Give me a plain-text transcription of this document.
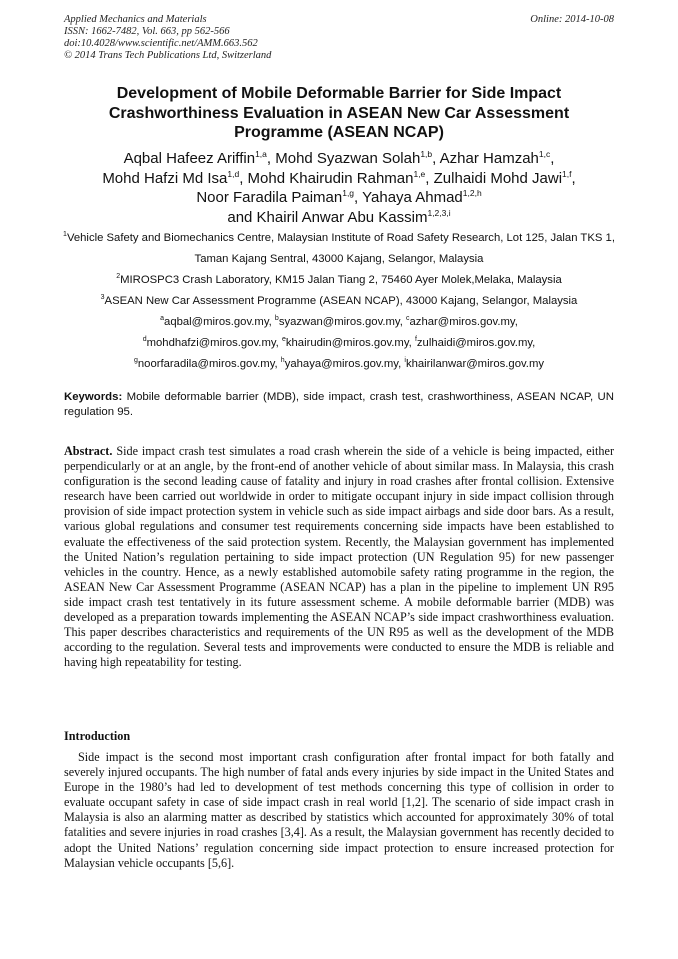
Applied Mechanics and Materials
ISSN: 1662-7482, Vol. 663, pp 562-566
doi:10.4028/www.scientific.net/AMM.663.562
© 2014 Trans Tech Publications Ltd, Switzerland
Online: 2014-10-08
Development of Mobile Deformable Barrier for Side Impact Crashworthiness Evaluation in ASEAN New Car Assessment Programme (ASEAN NCAP)
Aqbal Hafeez Ariffin$^{1,a}$, Mohd Syazwan Solah$^{1,b}$, Azhar Hamzah$^{1,c}$,
Mohd Hafzi Md Isa$^{1,d}$, Mohd Khairudin Rahman$^{1,e}$, Zulhaidi Mohd Jawi$^{1,f}$,
Noor Faradila Paiman$^{1,g}$, Yahaya Ahmad$^{1,2,h}$
and Khairil Anwar Abu Kassim$^{1,2,3,i}$
$^1$Vehicle Safety and Biomechanics Centre, Malaysian Institute of Road Safety Research, Lot 125, Jalan TKS 1, Taman Kajang Sentral, 43000 Kajang, Selangor, Malaysia
$^2$MIROSPC3 Crash Laboratory, KM15 Jalan Tiang 2, 75460 Ayer Molek,Melaka, Malaysia
$^3$ASEAN New Car Assessment Programme (ASEAN NCAP), 43000 Kajang, Selangor, Malaysia
$^a$aqbal@miros.gov.my, $^b$syazwan@miros.gov.my, $^c$azhar@miros.gov.my,
$^d$mohdhafzi@miros.gov.my, $^e$khairudin@miros.gov.my, $^f$zulhaidi@miros.gov.my,
$^g$noorfaradila@miros.gov.my, $^h$yahaya@miros.gov.my, $^i$khairilanwar@miros.gov.my
Keywords: Mobile deformable barrier (MDB), side impact, crash test, crashworthiness, ASEAN NCAP, UN regulation 95.
Abstract. Side impact crash test simulates a road crash wherein the side of a vehicle is being impacted, either perpendicularly or at an angle, by the front-end of another vehicle of about similar mass. In Malaysia, this crash configuration is the second leading cause of fatality and injury in road crashes after frontal collision. Extensive research have been carried out worldwide in order to mitigate occupant injury in side impact collision through provision of side impact protection system in vehicle such as side impact airbags and side door bars. As a result, various global regulations and consumer test requirements concerning side impacts have been established to evaluate the effectiveness of the said protection system. Recently, the Malaysian government has implemented the United Nation’s regulation pertaining to side impact protection (UN Regulation 95) for new passenger vehicles in the country. Hence, as a newly established automobile safety rating programme in the region, the ASEAN New Car Assessment Programme (ASEAN NCAP) has a plan in the pipeline to implement UN R95 side impact crash test tentatively in its future assessment scheme. A mobile deformable barrier (MDB) was developed as a preparation towards implementing the ASEAN NCAP’s side impact crashworthiness evaluation. This paper describes characteristics and requirements of the UN R95 as well as the development of the MDB according to the regulation. Several tests and improvements were conducted to ensure the MDB is reliable and having high repeatability for testing.
Introduction
Side impact is the second most important crash configuration after frontal impact for both fatally and severely injured occupants. The high number of fatal ands every injuries by side impact in the United States and Europe in the 1980’s had led to development of test methods concerning this type of collision in order to evaluate occupant safety in case of side impact crash in real world [1,2]. The scenario of side impact crash in Malaysia is also an alarming matter as described by statistics which accounted for approximately 30% of total fatalities and severe injuries in road crashes [3,4]. As a result, the Malaysian government has recently decided to adopt the United Nations’ regulation concerning side impact protection to ensure increased protection for Malaysian vehicle occupants [5,6].
